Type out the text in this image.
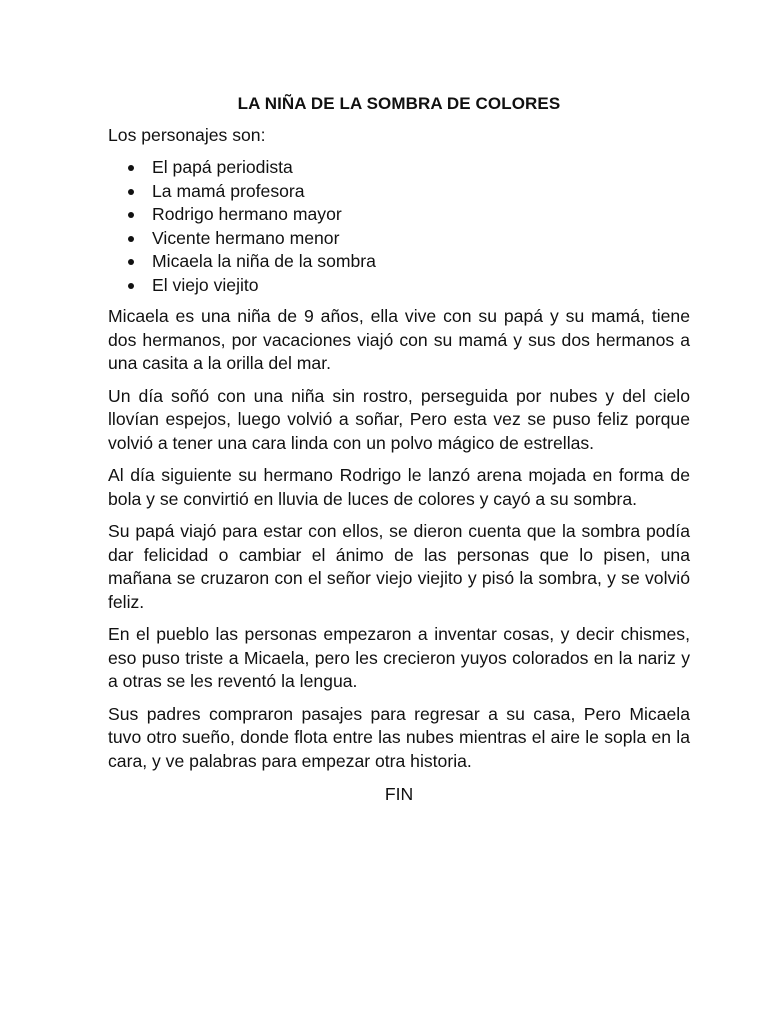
LA NIÑA DE LA SOMBRA DE COLORES
Los personajes son:
El papá periodista
La mamá profesora
Rodrigo hermano mayor
Vicente hermano menor
Micaela la niña de la sombra
El viejo viejito

Micaela es una niña de 9 años, ella vive con su papá y su mamá, tiene dos hermanos, por vacaciones viajó con su mamá y sus dos hermanos a una casita a la orilla del mar.

Un día soñó con una niña sin rostro, perseguida por nubes y del cielo llovían espejos, luego volvió a soñar, Pero esta vez se puso feliz porque volvió a tener una cara linda con un polvo mágico de estrellas.

Al día siguiente su hermano Rodrigo le lanzó arena mojada en forma de bola y se convirtió en lluvia de luces de colores y cayó a su sombra.

Su papá viajó para estar con ellos, se dieron cuenta que la sombra podía dar felicidad o cambiar el ánimo de las personas que lo pisen, una mañana se cruzaron con el señor viejo viejito y pisó la sombra, y se volvió feliz.

En el pueblo las personas empezaron a inventar cosas, y decir chismes, eso puso triste a Micaela, pero les crecieron yuyos colorados en la nariz y a otras se les reventó la lengua.

Sus padres compraron pasajes para regresar a su casa, Pero Micaela tuvo otro sueño, donde flota entre las nubes mientras el aire le sopla en la cara, y ve palabras para empezar otra historia.

FIN
